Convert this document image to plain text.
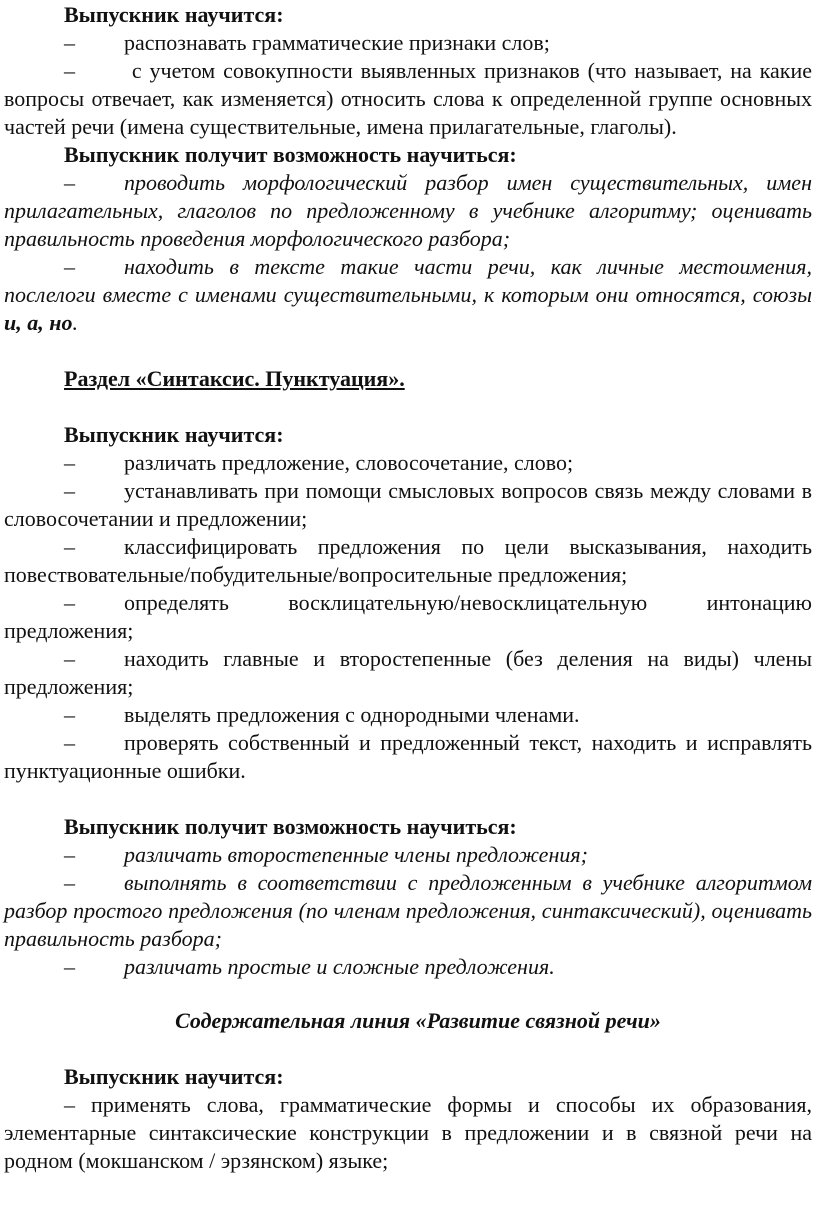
Выпускник научится:

– распознавать грамматические признаки слов;

– с учетом совокупности выявленных признаков (что называет, на какие вопросы отвечает, как изменяется) относить слова к определенной группе основных частей речи (имена существительные, имена прилагательные, глаголы).

Выпускник получит возможность научиться:

– проводить морфологический разбор имен существительных, имен прилагательных, глаголов по предложенному в учебнике алгоритму; оценивать правильность проведения морфологического разбора;

– находить в тексте такие части речи, как личные местоимения, послелоги вместе с именами существительными, к которым они относятся, союзы и, а, но.

Раздел «Синтаксис. Пунктуация».

Выпускник научится:

– различать предложение, словосочетание, слово;

– устанавливать при помощи смысловых вопросов связь между словами в словосочетании и предложении;

– классифицировать предложения по цели высказывания, находить повествовательные/побудительные/вопросительные предложения;

– определять восклицательную/невосклицательную интонацию предложения;

– находить главные и второстепенные (без деления на виды) члены предложения;

– выделять предложения с однородными членами.

– проверять собственный и предложенный текст, находить и исправлять пунктуационные ошибки.

Выпускник получит возможность научиться:

– различать второстепенные члены предложения;

– выполнять в соответствии с предложенным в учебнике алгоритмом разбор простого предложения (по членам предложения, синтаксический), оценивать правильность разбора;

– различать простые и сложные предложения.

Содержательная линия «Развитие связной речи»

Выпускник научится:

– применять слова, грамматические формы и способы их образования, элементарные синтаксические конструкции в предложении и в связной речи на родном (мокшанском / эрзянском) языке;
